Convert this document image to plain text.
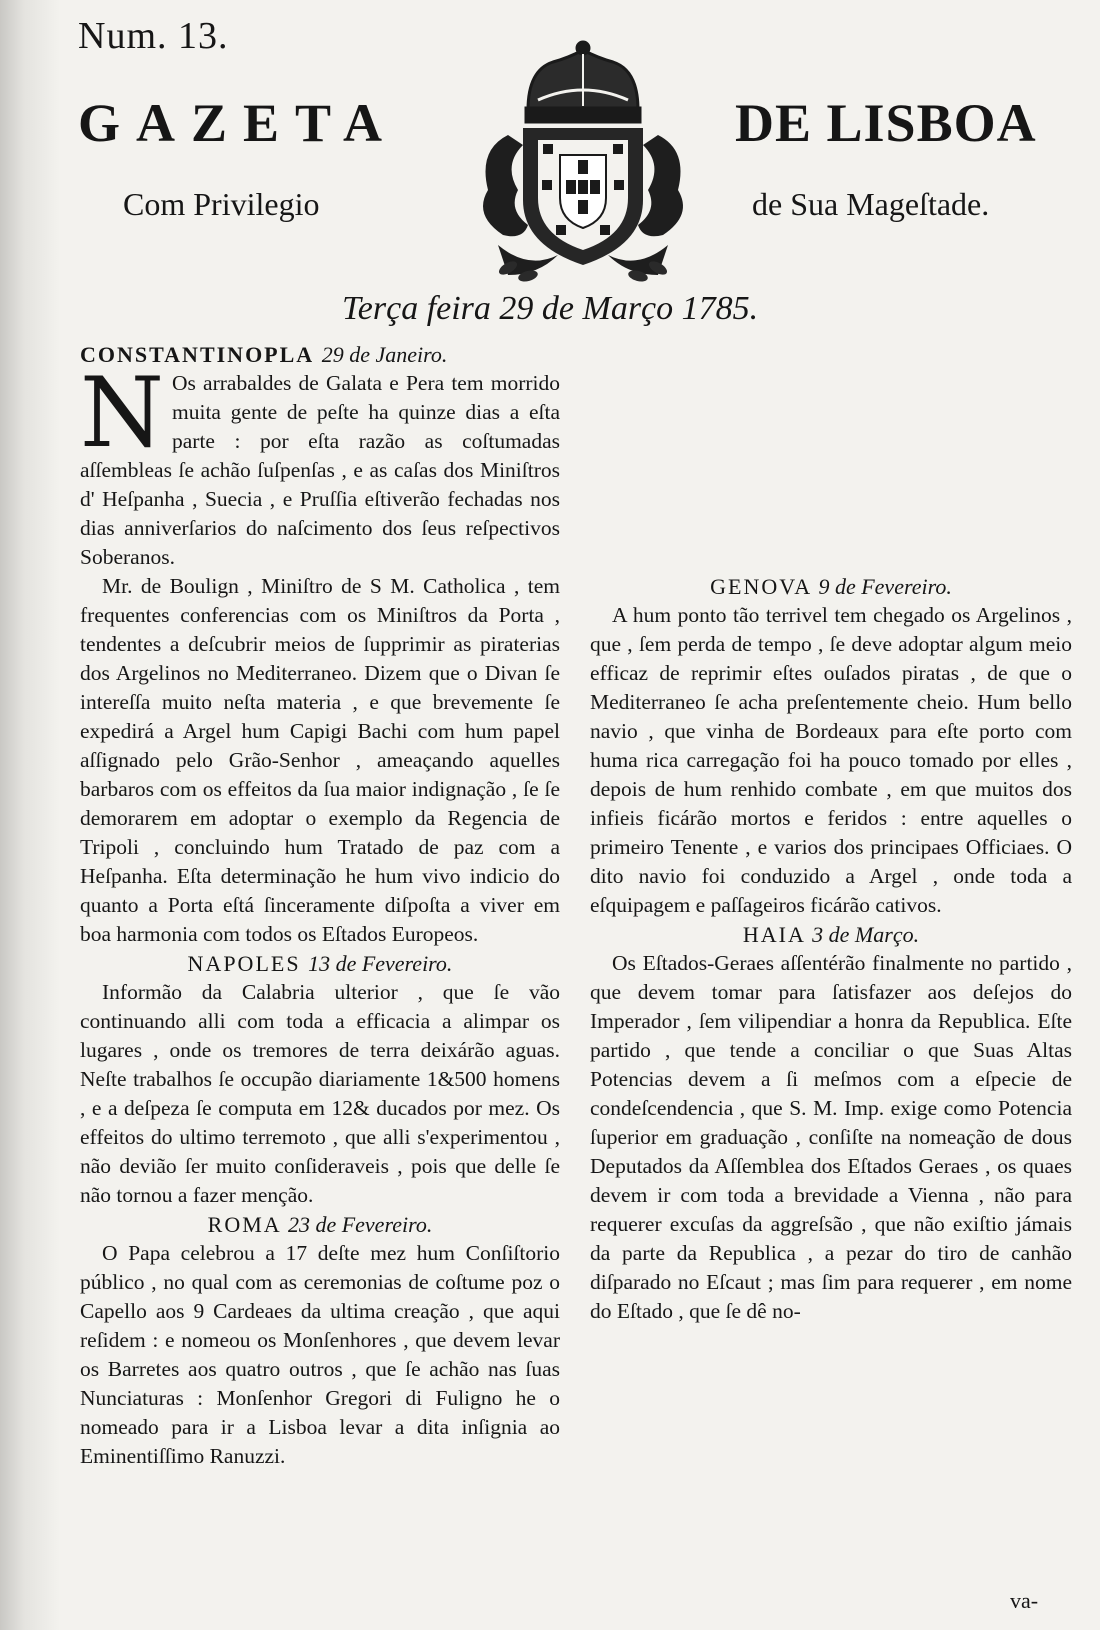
Num. 13.
GAZETA	DE LISBOA
Com Privilegio	de Sua Mageſtade.
Terça feira 29 de Março 1785.
CONSTANTINOPLA 29 de Janeiro.

N Os arrabaldes de Galata e Pera tem morrido muita gente de peſte ha quinze dias a eſta parte : por eſta razão as coſtumadas aſſembleas ſe achão ſuſpenſas , e as caſas dos Miniſtros d' Heſpanha , Suecia , e Pruſſia eſtiverão fechadas nos dias anniverſarios do naſcimento dos ſeus reſpectivos Soberanos.

Mr. de Boulign , Miniſtro de S M. Catholica , tem frequentes conferencias com os Miniſtros da Porta , tendentes a deſcubrir meios de ſupprimir as piraterias dos Argelinos no Mediterraneo. Dizem que o Divan ſe intereſſa muito neſta materia , e que brevemente ſe expedirá a Argel hum Capigi Bachi com hum papel aſſignado pelo Grão-Senhor , ameaçando aquelles barbaros com os effeitos da ſua maior indignação , ſe ſe demorarem em adoptar o exemplo da Regencia de Tripoli , concluindo hum Tratado de paz com a Heſpanha. Eſta determinação he hum vivo indicio do quanto a Porta eſtá ſinceramente diſpoſta a viver em boa harmonia com todos os Eſtados Europeos.

NAPOLES 13 de Fevereiro.

Informão da Calabria ulterior , que ſe vão continuando alli com toda a efficacia a alimpar os lugares , onde os tremores de terra deixárão aguas. Neſte trabalhos ſe occupão diariamente 1&500 homens , e a deſpeza ſe computa em 12& ducados por mez. Os effeitos do ultimo terremoto , que alli s'experimentou , não devião ſer muito conſideraveis , pois que delle ſe não tornou a fazer menção.

ROMA 23 de Fevereiro.

O Papa celebrou a 17 deſte mez hum Conſiſtorio público , no qual com as ceremonias de coſtume poz o Capello aos 9 Cardeaes da ultima creação , que aqui reſidem : e nomeou os Monſenhores , que devem levar os Barretes aos quatro outros , que ſe achão nas ſuas Nunciaturas : Monſenhor Gregori di Fuligno he o nomeado para ir a Lisboa levar a dita inſignia ao Eminentiſſimo Ranuzzi.

GENOVA 9 de Fevereiro.

A hum ponto tão terrivel tem chegado os Argelinos , que , ſem perda de tempo , ſe deve adoptar algum meio efficaz de reprimir eſtes ouſados piratas , de que o Mediterraneo ſe acha preſentemente cheio. Hum bello navio , que vinha de Bordeaux para eſte porto com huma rica carregação foi ha pouco tomado por elles , depois de hum renhido combate , em que muitos dos infieis ficárão mortos e feridos : entre aquelles o primeiro Tenente , e varios dos principaes Officiaes. O dito navio foi conduzido a Argel , onde toda a eſquipagem e paſſageiros ficárão cativos.

HAIA 3 de Março.

Os Eſtados-Geraes aſſentérão finalmente no partido , que devem tomar para ſatisfazer aos deſejos do Imperador , ſem vilipendiar a honra da Republica. Eſte partido , que tende a conciliar o que Suas Altas Potencias devem a ſi meſmos com a eſpecie de condeſcendencia , que S. M. Imp. exige como Potencia ſuperior em graduação , conſiſte na nomeação de dous Deputados da Aſſemblea dos Eſtados Geraes , os quaes devem ir com toda a brevidade a Vienna , não para requerer excuſas da aggreſsão , que não exiſtio jámais da parte da Republica , a pezar do tiro de canhão diſparado no Eſcaut ; mas ſim para requerer , em nome do Eſtado , que ſe dê no-

va-
